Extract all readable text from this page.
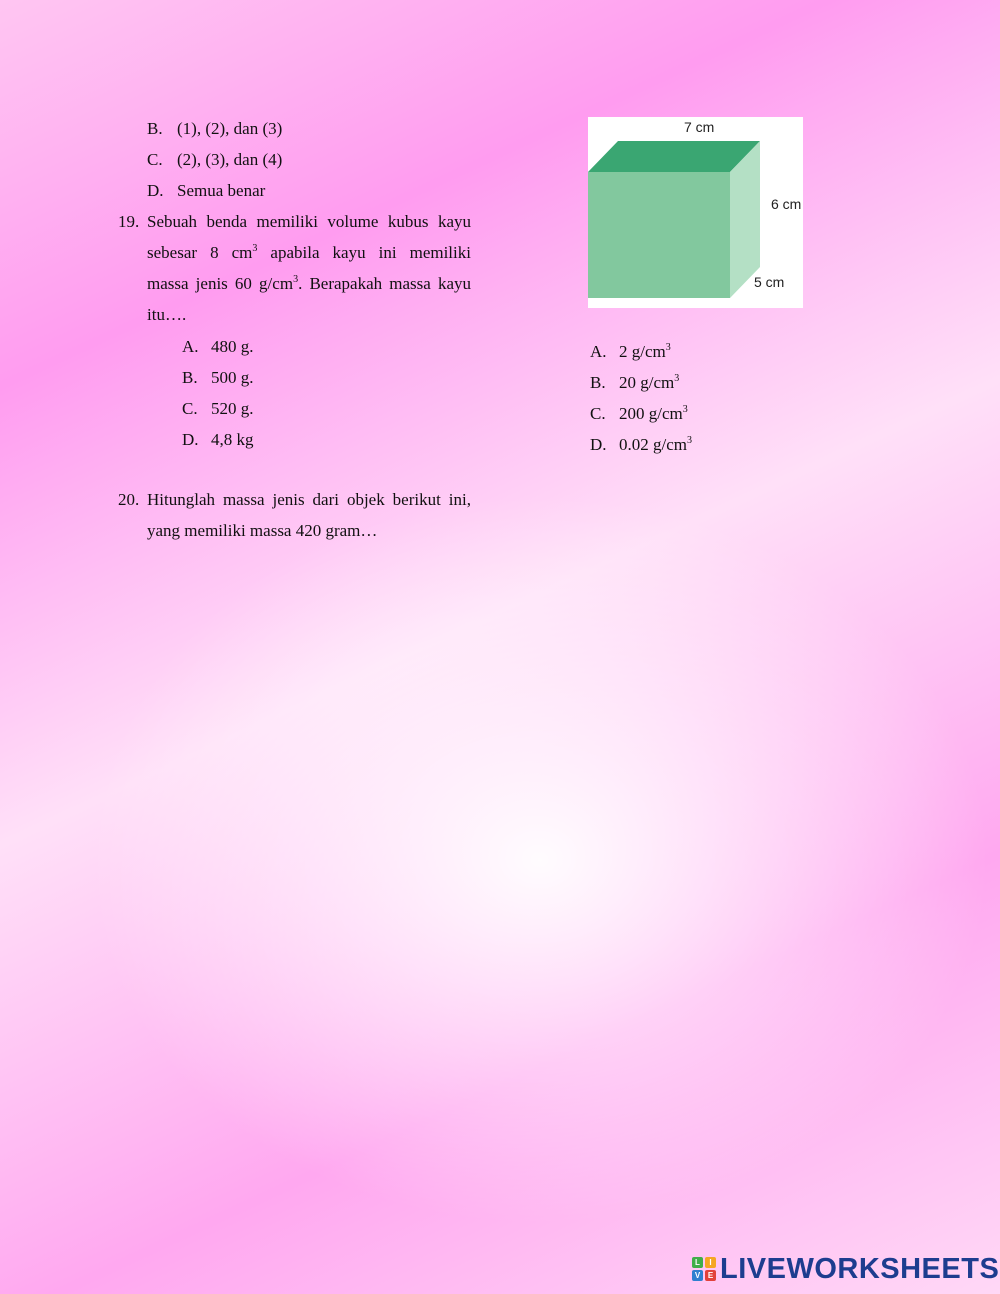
B. (1), (2), dan (3)
C. (2), (3), dan (4)
D. Semua benar
19. Sebuah benda memiliki volume kubus kayu
sebesar 8 $cm^3$ apabila kayu ini memiliki
massa jenis 60 $g/cm^3$. Berapakah massa kayu
itu….
A. 480 g.
B. 500 g.
C. 520 g.
D. 4,8 kg
20. Hitunglah massa jenis dari objek berikut ini,
yang memiliki massa 420 gram…
7 cm
6 cm
5 cm
A. 2 $g/cm^3$
B. 20 $g/cm^3$
C. 200 $g/cm^3$
D. 0.02 $g/cm^3$
L	I
V E LIVEWORKSHEETS
